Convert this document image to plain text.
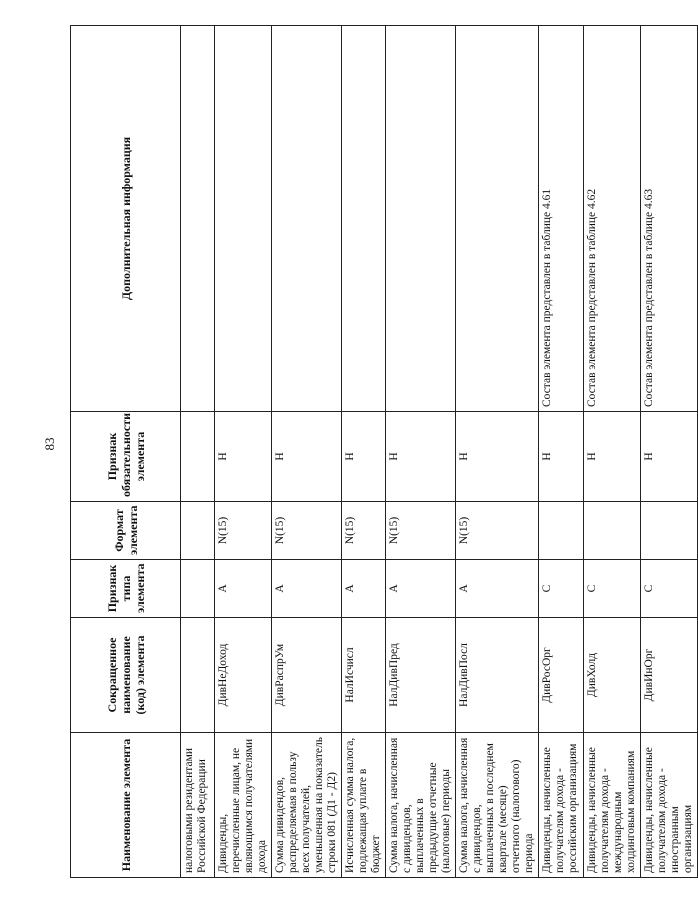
83
Наименование элемента	Сокращенное наименование (код) элемента	Признак типа элемента	Формат элемента	Признак обязательности элемента	Дополнительная информация
налоговыми резидентами Российской Федерации					
Дивиденды, перечисленные лицам, не являющимся получателями дохода	ДивНеДоход	А	N(15)	Н	
Сумма дивидендов, распределяемая в пользу всех получателей, уменьшенная на показатель строки 081 (Д1 - Д2)	ДивРаспрУм	А	N(15)	Н	
Исчисленная сумма налога, подлежащая уплате в бюджет	НалИсчисл	А	N(15)	Н	
Сумма налога, начисленная с дивидендов, выплаченных в предыдущие отчетные (налоговые) периоды	НалДивПред	А	N(15)	Н	
Сумма налога, начисленная с дивидендов, выплаченных в последнем квартале (месяце) отчетного (налогового) периода	НалДивПосл	А	N(15)	Н	
Дивиденды, начисленные получателям дохода - российским организациям	ДивРосОрг	С		Н	Состав элемента представлен в таблице 4.61
Дивиденды, начисленные получателям дохода - международным холдинговым компаниям	ДивХолд	С		Н	Состав элемента представлен в таблице 4.62
Дивиденды, начисленные получателям дохода - иностранным организациям	ДивИнОрг	С		Н	Состав элемента представлен в таблице 4.63
